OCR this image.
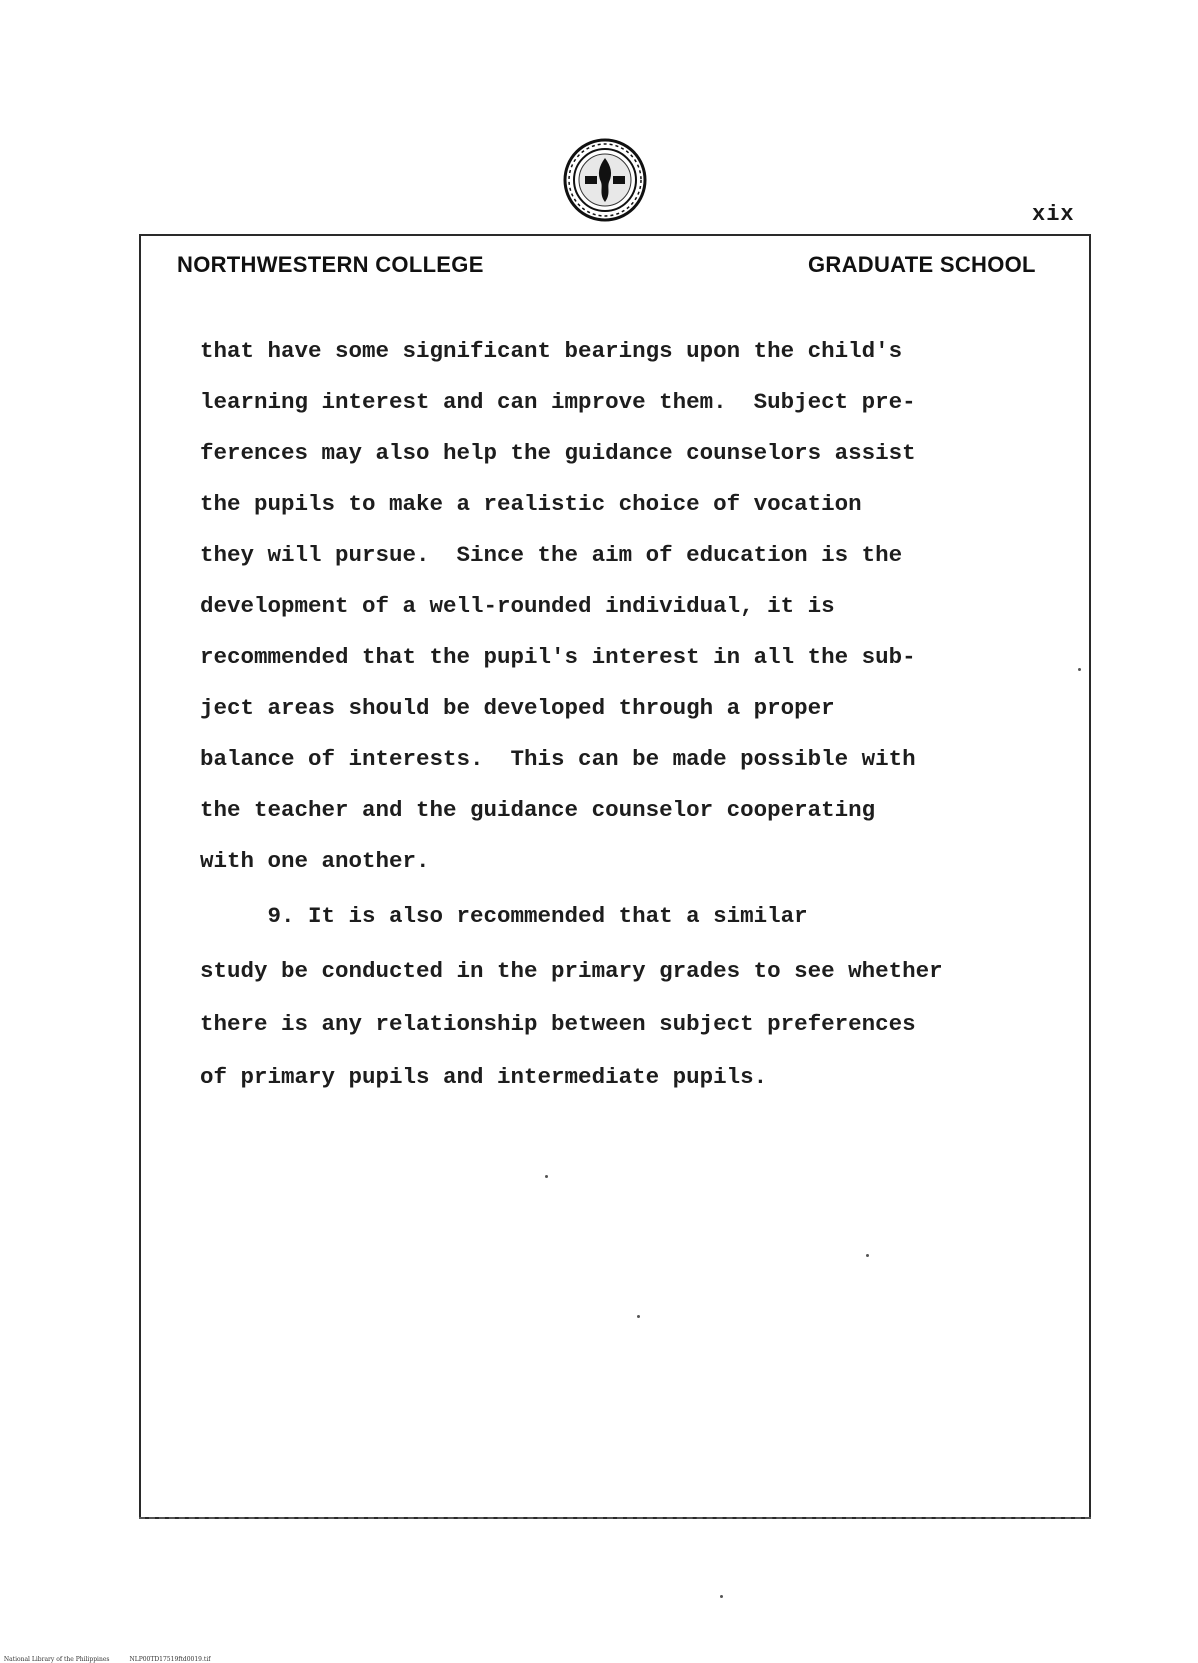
xix
NORTHWESTERN COLLEGE	GRADUATE SCHOOL
that have some significant bearings upon the child's
learning interest and can improve them.  Subject pre-
ferences may also help the guidance counselors assist
the pupils to make a realistic choice of vocation
they will pursue.  Since the aim of education is the
development of a well-rounded individual, it is
recommended that the pupil's interest in all the sub-
ject areas should be developed through a proper
balance of interests.  This can be made possible with
the teacher and the guidance counselor cooperating
with one another.
9. It is also recommended that a similar
study be conducted in the primary grades to see whether
there is any relationship between subject preferences
of primary pupils and intermediate pupils.

National Library of the Philippines	NLP00TD17519ftd0019.tif
